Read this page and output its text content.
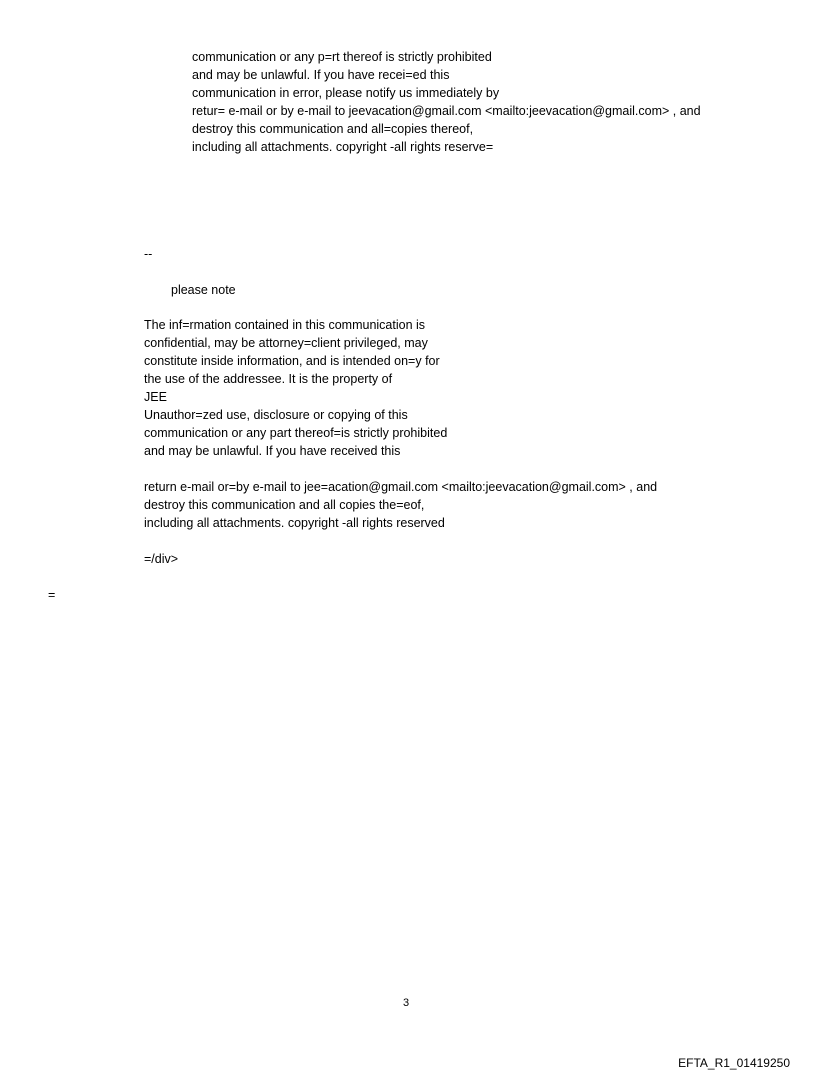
communication or any p=rt thereof is strictly prohibited
and may be unlawful. If you have recei=ed this
communication in error, please notify us immediately by
retur= e-mail or by e-mail to jeevacation@gmail.com <mailto:jeevacation@gmail.com> , and
destroy this communication and all=copies thereof,
including all attachments. copyright -all rights reserve=
--
please note
The inf=rmation contained in this communication is
confidential, may be attorney=client privileged, may
constitute inside information, and is intended on=y for
the use of the addressee. It is the property of
JEE
Unauthor=zed use, disclosure or copying of this
communication or any part thereof=is strictly prohibited
and may be unlawful. If you have received this
return e-mail or=by e-mail to jee=acation@gmail.com <mailto:jeevacation@gmail.com> , and
destroy this communication and all copies the=eof,
including all attachments. copyright -all rights reserved
=/div>
=
3
EFTA_R1_01419250
